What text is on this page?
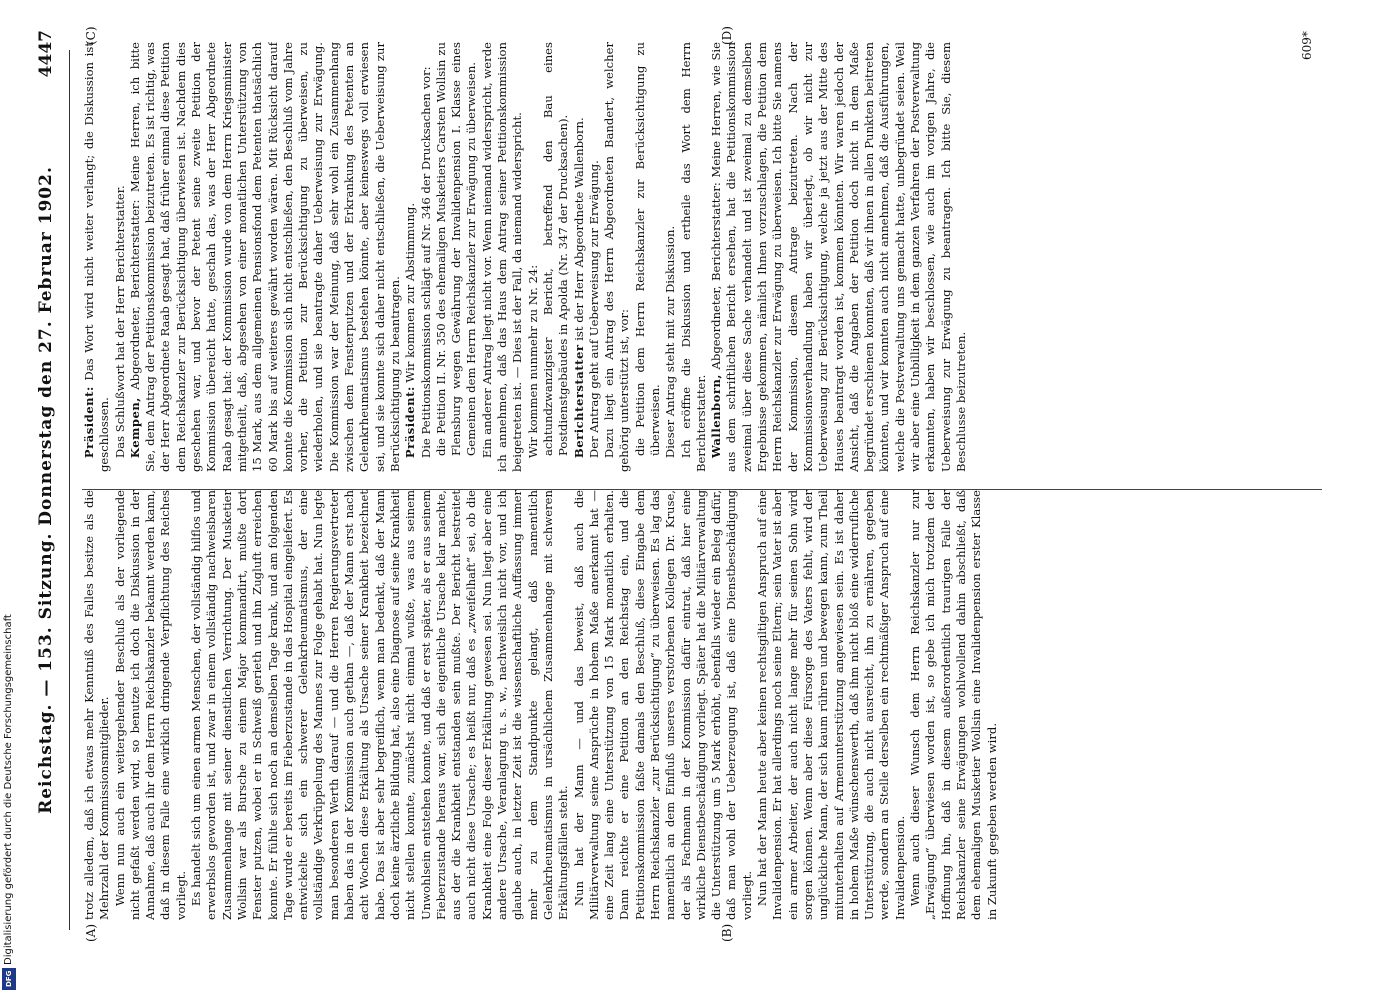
Reichstag. — 153. Sitzung. Donnerstag den 27. Februar 1902.
4447
(A)	(B)
(C)	(D)

trotz alledem, daß ich etwas mehr Kenntniß des Falles besitze als die Mehrzahl der Kommissionsmitglieder. Wenn nun auch ein weitergehender Beschluß als der vorliegende nicht gefaßt werden wird, so benutze ich doch die Diskussion in der Annahme, daß auch ihr dem Herrn Reichskanzler bekannt werden kann, daß in diesem Falle eine wirklich dringende Verpflichtung des Reiches vorliegt. Es handelt sich um einen armen Menschen, der vollständig hilflos und erwerbslos geworden ist, und zwar in einem vollständig nachweisbaren Zusammenhange mit seiner dienstlichen Verrichtung. Der Musketier Wollsin war als Bursche zu einem Major kommandirt, mußte dort Fenster putzen, wobei er in Schweiß gerieth und ihn Zugluft erreichen konnte. Er fühlte sich noch an demselben Tage krank, und am folgenden Tage wurde er bereits im Fieberzustande in das Hospital eingeliefert. Es entwickelte sich ein schwerer Gelenkrheumatismus, der eine vollständige Verkrüppelung des Mannes zur Folge gehabt hat. Nun legte man besonderen Werth darauf — und die Herren Regierungsvertreter haben das in der Kommission auch gethan —, daß der Mann erst nach acht Wochen diese Erkältung als Ursache seiner Krankheit bezeichnet habe. Das ist aber sehr begreiflich, wenn man bedenkt, daß der Mann doch keine ärztliche Bildung hat, also eine Diagnose auf seine Krankheit nicht stellen konnte, zunächst nicht einmal wußte, was aus seinem Unwohlsein entstehen konnte, und daß er erst später, als er aus seinem Fieberzustande heraus war, sich die eigentliche Ursache klar machte, aus der die Krankheit entstanden sein mußte. Der Bericht bestreitet auch nicht diese Ursache; es heißt nur, daß es „zweifelhaft“ sei, ob die Krankheit eine Folge dieser Erkältung gewesen sei. Nun liegt aber eine andere Ursache, Veranlagung u. s. w., nachweislich nicht vor, und ich glaube auch, in letzter Zeit ist die wissenschaftliche Auffassung immer mehr zu dem Standpunkte gelangt, daß namentlich Gelenkrheumatismus in ursächlichem Zusammenhange mit schweren Erkältungsfällen steht. Nun hat der Mann — und das beweist, daß auch die Militärverwaltung seine Ansprüche in hohem Maße anerkannt hat — eine Zeit lang eine Unterstützung von 15 Mark monatlich erhalten. Dann reichte er eine Petition an den Reichstag ein, und die Petitionskommission faßte damals den Beschluß, diese Eingabe dem Herrn Reichskanzler „zur Berücksichtigung“ zu überweisen. Es lag das namentlich an dem Einfluß unseres verstorbenen Kollegen Dr. Kruse, der als Fachmann in der Kommission dafür eintrat, daß hier eine wirkliche Dienstbeschädigung vorliegt. Später hat die Militärverwaltung die Unterstützung um 5 Mark erhöht, ebenfalls wieder ein Beleg dafür, daß man wohl der Ueberzeugung ist, daß eine Dienstbeschädigung vorliegt. Nun hat der Mann heute aber keinen rechtsgiltigen Anspruch auf eine Invalidenpension. Er hat allerdings noch seine Eltern; sein Vater ist aber ein armer Arbeiter, der auch nicht lange mehr für seinen Sohn wird sorgen können. Wenn aber diese Fürsorge des Vaters fehlt, wird der unglückliche Mann, der sich kaum rühren und bewegen kann, zum Theil mitunterhalten auf Armenunterstützung angewiesen sein. Es ist daher in hohem Maße wünschenswerth, daß ihm nicht bloß eine widerrufliche Unterstützung, die auch nicht ausreicht, ihn zu ernähren, gegeben werde, sondern an Stelle derselben ein rechtmäßiger Anspruch auf eine Invalidenpension. Wenn auch dieser Wunsch dem Herrn Reichskanzler nur zur „Erwägung“ überwiesen worden ist, so gebe ich mich trotzdem der Hoffnung hin, daß in diesem außerordentlich traurigen Falle der Reichskanzler seine Erwägungen wohlwollend dahin abschließt, daß dem ehemaligen Musketier Wollsin eine Invalidenpension erster Klasse in Zukunft gegeben werden wird.

Präsident: Das Wort wird nicht weiter verlangt; die Diskussion ist geschlossen. Das Schlußwort hat der Herr Berichterstatter. Kempen, Abgeordneter, Berichterstatter: Meine Herren, ich bitte Sie, dem Antrag der Petitionskommission beizutreten. Es ist richtig, was der Herr Abgeordnete Raab gesagt hat, daß früher einmal diese Petition dem Reichskanzler zur Berücksichtigung überwiesen ist. Nachdem dies geschehen war, und bevor der Petent seine zweite Petition der Kommission übereicht hatte, geschah das, was der Herr Abgeordnete Raab gesagt hat: der Kommission wurde von dem Herrn Kriegsminister mitgetheilt, daß, abgesehen von einer monatlichen Unterstützung von 15 Mark, aus dem allgemeinen Pensionsfond dem Petenten thatsächlich 60 Mark bis auf weiteres gewährt worden wären. Mit Rücksicht darauf konnte die Kommission sich nicht entschließen, den Beschluß vom Jahre vorher, die Petition zur Berücksichtigung zu überweisen, zu wiederholen, und sie beantragte daher Ueberweisung zur Erwägung. Die Kommission war der Meinung, daß sehr wohl ein Zusammenhang zwischen dem Fensterputzen und der Erkrankung des Petenten an Gelenkrheumatismus bestehen könnte, aber keineswegs voll erwiesen sei, und sie konnte sich daher nicht entschließen, die Ueberweisung zur Berücksichtigung zu beantragen. Präsident: Wir kommen zur Abstimmung. Die Petitionskommission schlägt auf Nr. 346 der Drucksachen vor: die Petition II. Nr. 350 des ehemaligen Musketiers Carsten Wollsin zu Flensburg wegen Gewährung der Invalidenpension I. Klasse eines Gemeinen dem Herrn Reichskanzler zur Erwägung zu überweisen. Ein anderer Antrag liegt nicht vor. Wenn niemand widerspricht, werde ich annehmen, daß das Haus dem Antrag seiner Petitionskommission beigetreten ist. — Dies ist der Fall, da niemand widerspricht. Wir kommen nunmehr zu Nr. 24: achtundzwanzigster Bericht, betreffend den Bau eines Postdienstgebäudes in Apolda (Nr. 347 der Drucksachen). Berichterstatter ist der Herr Abgeordnete Wallenborn. Der Antrag geht auf Ueberweisung zur Erwägung. Dazu liegt ein Antrag des Herrn Abgeordneten Bandert, welcher gehörig unterstützt ist, vor: die Petition dem Herrn Reichskanzler zur Berücksichtigung zu überweisen. Dieser Antrag steht mit zur Diskussion. Ich eröffne die Diskussion und ertheile das Wort dem Herrn Berichterstatter. Wallenborn, Abgeordneter, Berichterstatter: Meine Herren, wie Sie aus dem schriftlichen Bericht ersehen, hat die Petitionskommission zweimal über diese Sache verhandelt und ist zweimal zu demselben Ergebnisse gekommen, nämlich Ihnen vorzuschlagen, die Petition dem Herrn Reichskanzler zur Erwägung zu überweisen. Ich bitte Sie namens der Kommission, diesem Antrage beizutreten. Nach der Kommissionsverhandlung haben wir überlegt, ob wir nicht zur Ueberweisung zur Berücksichtigung, welche ja jetzt aus der Mitte des Hauses beantragt worden ist, kommen könnten. Wir waren jedoch der Ansicht, daß die Angaben der Petition doch nicht in dem Maße begründet erschienen konnten, daß wir ihnen in allen Punkten beitreten könnten, und wir konnten auch nicht annehmen, daß die Ausführungen, welche die Postverwaltung uns gemacht hatte, unbegründet seien. Weil wir aber eine Unbilligkeit in dem ganzen Verfahren der Postverwaltung erkannten, haben wir beschlossen, wie auch im vorigen Jahre, die Ueberweisung zur Erwägung zu beantragen. Ich bitte Sie, diesem Beschlusse beizutreten.

609*
Digitalisierung gefördert durch die Deutsche Forschungsgemeinschaft
DFG
